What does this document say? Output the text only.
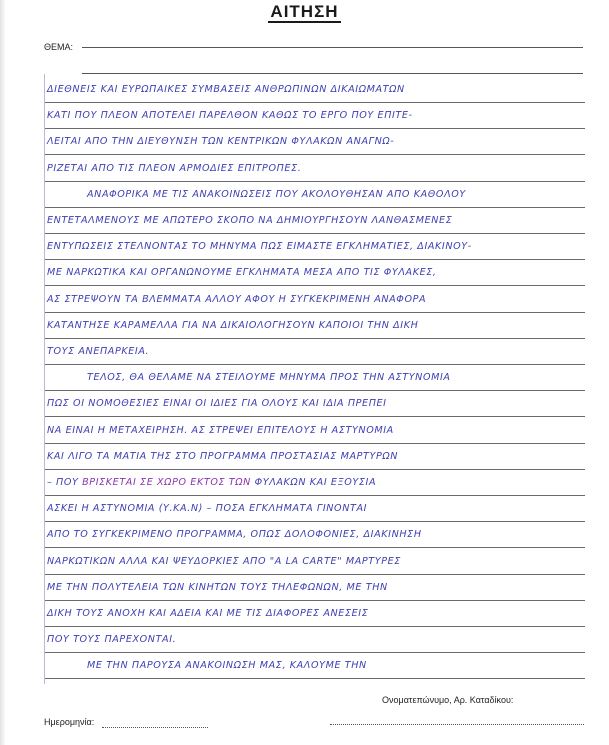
ΑΙΤΗΣΗ
ΘΕΜΑ:
ΔΙΕΘΝΕΙΣ ΚΑΙ ΕΥΡΩΠΑΙΚΕΣ ΣΥΜΒΑΣΕΙΣ ΑΝΘΡΩΠΙΝΩΝ ΔΙΚΑΙΩΜΑΤΩΝ
ΚΑΤΙ ΠΟΥ ΠΛΕΟΝ ΑΠΟΤΕΛΕΙ ΠΑΡΕΛΘΟΝ ΚΑΘΩΣ ΤΟ ΕΡΓΟ ΠΟΥ ΕΠΙΤΕ-
ΛΕΙΤΑΙ ΑΠΟ ΤΗΝ ΔΙΕΥΘΥΝΣΗ ΤΩΝ ΚΕΝΤΡΙΚΩΝ ΦΥΛΑΚΩΝ ΑΝΑΓΝΩ-
ΡΙΖΕΤΑΙ ΑΠΟ ΤΙΣ ΠΛΕΟΝ ΑΡΜΟΔΙΕΣ ΕΠΙΤΡΟΠΕΣ.
ΑΝΑΦΟΡΙΚΑ ΜΕ ΤΙΣ ΑΝΑΚΟΙΝΩΣΕΙΣ ΠΟΥ ΑΚΟΛΟΥΘΗΣΑΝ ΑΠΟ ΚΑΘΟΛΟΥ
ΕΝΤΕΤΑΛΜΕΝΟΥΣ ΜΕ ΑΠΩΤΕΡΟ ΣΚΟΠΟ ΝΑ ΔΗΜΙΟΥΡΓΗΣΟΥΝ ΛΑΝΘΑΣΜΕΝΕΣ
ΕΝΤΥΠΩΣΕΙΣ ΣΤΕΛΝΟΝΤΑΣ ΤΟ ΜΗΝΥΜΑ ΠΩΣ ΕΙΜΑΣΤΕ ΕΓΚΛΗΜΑΤΙΕΣ, ΔΙΑΚΙΝΟΥ-
ΜΕ ΝΑΡΚΩΤΙΚΑ ΚΑΙ ΟΡΓΑΝΩΝΟΥΜΕ ΕΓΚΛΗΜΑΤΑ ΜΕΣΑ ΑΠΟ ΤΙΣ ΦΥΛΑΚΕΣ,
ΑΣ ΣΤΡΕΨΟΥΝ ΤΑ ΒΛΕΜΜΑΤΑ ΑΛΛΟΥ ΑΦΟΥ Η ΣΥΓΚΕΚΡΙΜΕΝΗ ΑΝΑΦΟΡΑ
ΚΑΤΑΝΤΗΣΕ ΚΑΡΑΜΕΛΛΑ ΓΙΑ ΝΑ ΔΙΚΑΙΟΛΟΓΗΣΟΥΝ ΚΑΠΟΙΟΙ ΤΗΝ ΔΙΚΗ
ΤΟΥΣ ΑΝΕΠΑΡΚΕΙΑ.
ΤΕΛΟΣ, ΘΑ ΘΕΛΑΜΕ ΝΑ ΣΤΕΙΛΟΥΜΕ ΜΗΝΥΜΑ ΠΡΟΣ ΤΗΝ ΑΣΤΥΝΟΜΙΑ
ΠΩΣ ΟΙ ΝΟΜΟΘΕΣΙΕΣ ΕΙΝΑΙ ΟΙ ΙΔΙΕΣ ΓΙΑ ΟΛΟΥΣ ΚΑΙ ΙΔΙΑ ΠΡΕΠΕΙ
ΝΑ ΕΙΝΑΙ Η ΜΕΤΑΧΕΙΡΗΣΗ. ΑΣ ΣΤΡΕΨΕΙ ΕΠΙΤΕΛΟΥΣ Η ΑΣΤΥΝΟΜΙΑ
ΚΑΙ ΛΙΓΟ ΤΑ ΜΑΤΙΑ ΤΗΣ ΣΤΟ ΠΡΟΓΡΑΜΜΑ ΠΡΟΣΤΑΣΙΑΣ ΜΑΡΤΥΡΩΝ
– ΠΟΥ ΒΡΙΣΚΕΤΑΙ ΣΕ ΧΩΡΟ ΕΚΤΟΣ ΤΩΝ ΦΥΛΑΚΩΝ ΚΑΙ ΕΞΟΥΣΙΑ
ΑΣΚΕΙ Η ΑΣΤΥΝΟΜΙΑ (Υ.ΚΑ.Ν) – ΠΟΣΑ ΕΓΚΛΗΜΑΤΑ ΓΙΝΟΝΤΑΙ
ΑΠΟ ΤΟ ΣΥΓΚΕΚΡΙΜΕΝΟ ΠΡΟΓΡΑΜΜΑ, ΟΠΩΣ ΔΟΛΟΦΟΝΙΕΣ, ΔΙΑΚΙΝΗΣΗ
ΝΑΡΚΩΤΙΚΩΝ ΑΛΛΑ ΚΑΙ ΨΕΥΔΟΡΚΙΕΣ ΑΠΟ "Α LA CARTE" ΜΑΡΤΥΡΕΣ
ΜΕ ΤΗΝ ΠΟΛΥΤΕΛΕΙΑ ΤΩΝ ΚΙΝΗΤΩΝ ΤΟΥΣ ΤΗΛΕΦΩΝΩΝ, ΜΕ ΤΗΝ
ΔΙΚΗ ΤΟΥΣ ΑΝΟΧΗ ΚΑΙ ΑΔΕΙΑ ΚΑΙ ΜΕ ΤΙΣ ΔΙΑΦΟΡΕΣ ΑΝΕΣΕΙΣ
ΠΟΥ ΤΟΥΣ ΠΑΡΕΧΟΝΤΑΙ.
ΜΕ ΤΗΝ ΠΑΡΟΥΣΑ ΑΝΑΚΟΙΝΩΣΗ ΜΑΣ, ΚΑΛΟΥΜΕ ΤΗΝ
Ονοματεπώνυμο, Αρ. Καταδίκου:
Ημερομηνία:
